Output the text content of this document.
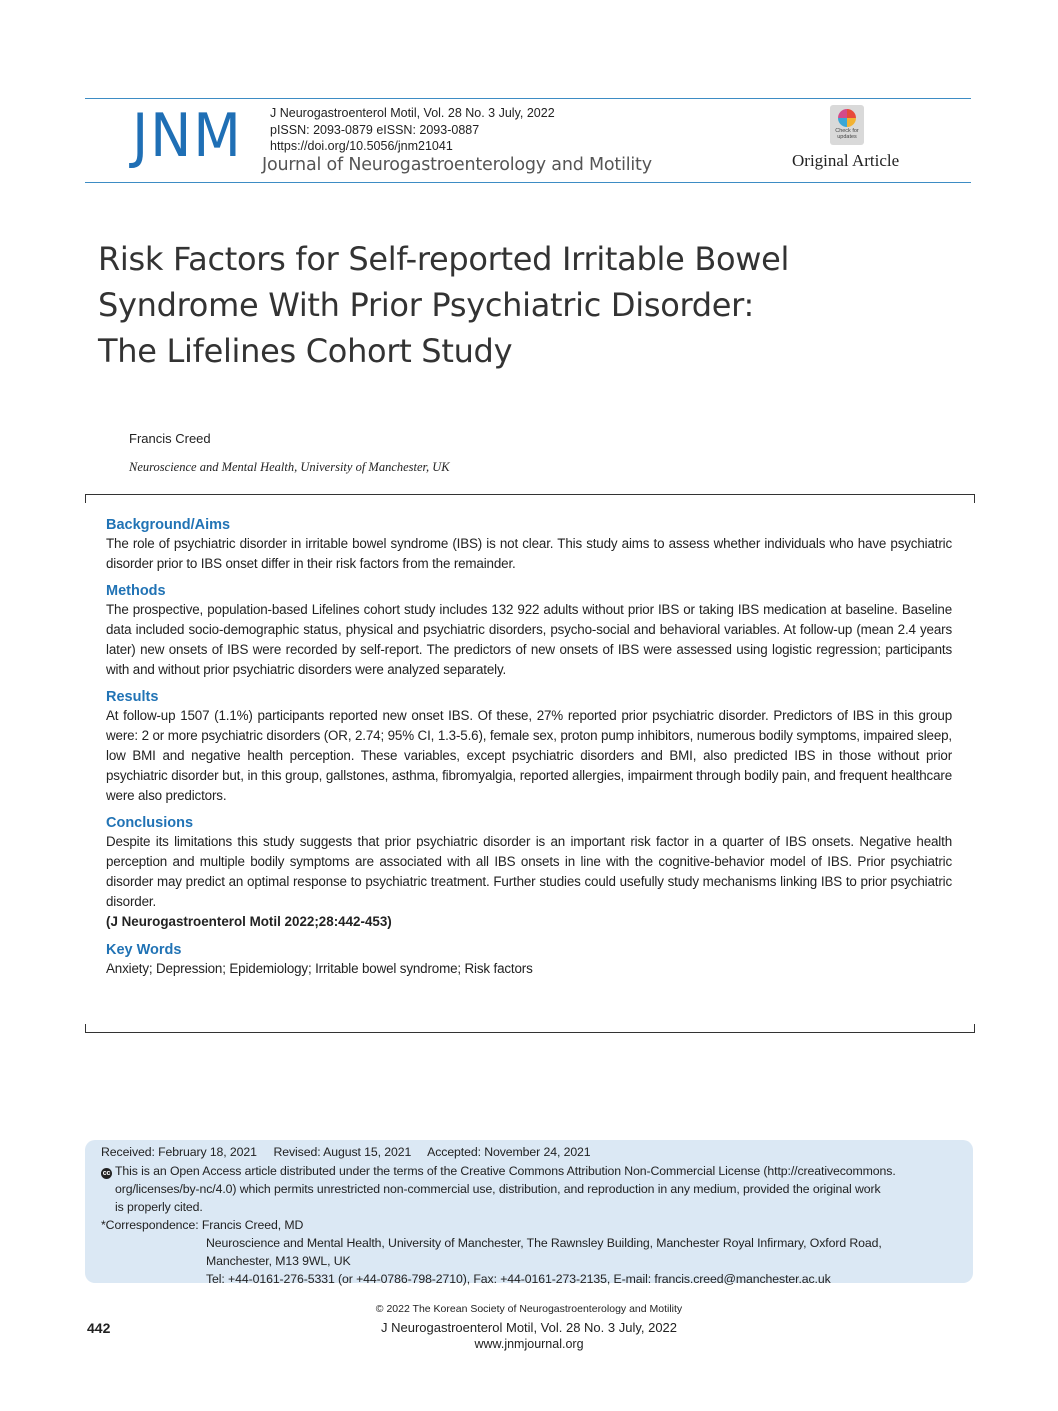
JNM J Neurogastroenterol Motil, Vol. 28 No. 3 July, 2022
pISSN: 2093-0879 eISSN: 2093-0887
https://doi.org/10.5056/jnm21041
Journal of Neurogastroenterology and Motility
Check for updates
Original Article
Risk Factors for Self-reported Irritable Bowel
Syndrome With Prior Psychiatric Disorder:
The Lifelines Cohort Study
Francis Creed
Neuroscience and Mental Health, University of Manchester, UK

Background/Aims

The role of psychiatric disorder in irritable bowel syndrome (IBS) is not clear. This study aims to assess whether individuals who have psychiatric disorder prior to IBS onset differ in their risk factors from the remainder.

Methods

The prospective, population-based Lifelines cohort study includes 132 922 adults without prior IBS or taking IBS medication at baseline. Baseline data included socio-demographic status, physical and psychiatric disorders, psycho-social and behavioral variables. At follow-up (mean 2.4 years later) new onsets of IBS were recorded by self-report. The predictors of new onsets of IBS were assessed using logistic regression; participants with and without prior psychiatric disorders were analyzed separately.

Results

At follow-up 1507 (1.1%) participants reported new onset IBS. Of these, 27% reported prior psychiatric disorder. Predictors of IBS in this group were: 2 or more psychiatric disorders (OR, 2.74; 95% CI, 1.3-5.6), female sex, proton pump inhibitors, numerous bodily symptoms, impaired sleep, low BMI and negative health perception. These variables, except psychiatric disorders and BMI, also predicted IBS in those without prior psychiatric disorder but, in this group, gallstones, asthma, fibromyalgia, reported allergies, impairment through bodily pain, and frequent healthcare were also predictors.

Conclusions

Despite its limitations this study suggests that prior psychiatric disorder is an important risk factor in a quarter of IBS onsets. Negative health perception and multiple bodily symptoms are associated with all IBS onsets in line with the cognitive-behavior model of IBS. Prior psychiatric disorder may predict an optimal response to psychiatric treatment. Further studies could usefully study mechanisms linking IBS to prior psychiatric disorder.

(J Neurogastroenterol Motil 2022;28:442-453)

Key Words

Anxiety; Depression; Epidemiology; Irritable bowel syndrome; Risk factors

Received: February 18, 2021     Revised: August 15, 2021     Accepted: November 24, 2021
cc This is an Open Access article distributed under the terms of the Creative Commons Attribution Non-Commercial License (http://creativecommons.
org/licenses/by-nc/4.0) which permits unrestricted non-commercial use, distribution, and reproduction in any medium, provided the original work
is properly cited.
*Correspondence: Francis Creed, MD
Neuroscience and Mental Health, University of Manchester, The Rawnsley Building, Manchester Royal Infirmary, Oxford Road,
Manchester, M13 9WL, UK
Tel: +44-0161-276-5331 (or +44-0786-798-2710), Fax: +44-0161-273-2135, E-mail: francis.creed@manchester.ac.uk
© 2022 The Korean Society of Neurogastroenterology and Motility
442	J Neurogastroenterol Motil, Vol. 28 No. 3 July, 2022
www.jnmjournal.org
